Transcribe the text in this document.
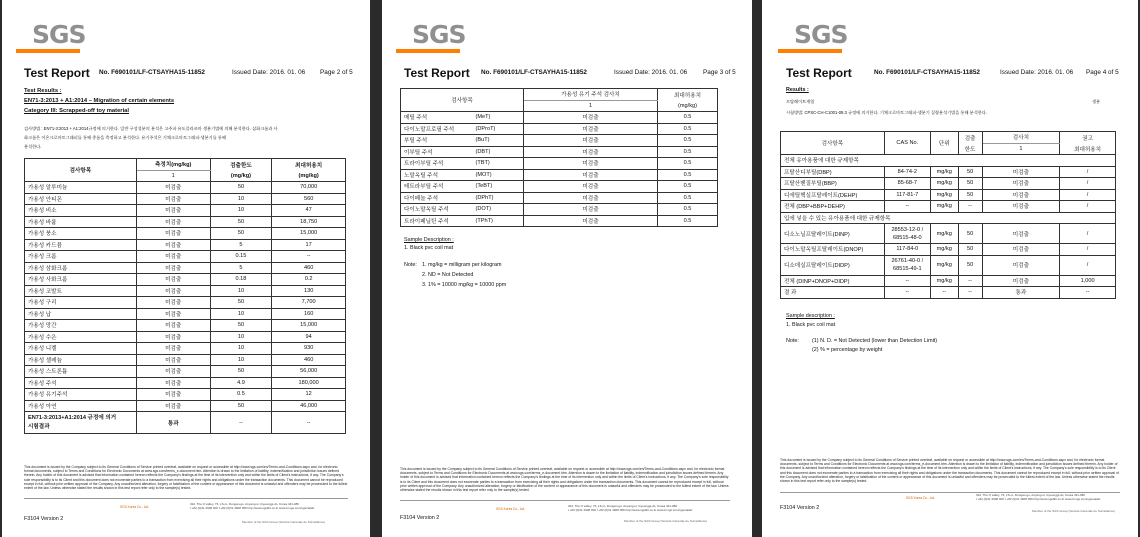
SGS
Test Report No. F690101/LF-CTSAYHA15-11852	Issued Date: 2016. 01. 06 Page 2 of 5
Test Results :
EN71-3:2013 + A1:2014 – Migration of certain elements
Category III: Scrapped-off toy material
검사방법 : EN71-3:2013 + A1:2014규정에 의거한다. 일반 구성성분의 분석은 고주파 유도플라즈마 생분기법에 의해 분석한다. 삼화크롬과 사
화크롬은 이온크로마토그래피를 통해 총롬을 측정하고 분석한다. 유기주석은 기체크로마토그래피-생분기를 통해
분석한다.
검사항목	측정치(mg/kg)	검출한도	최대허용치
	1	(mg/kg)	(mg/kg)
가용성 알루미늄	미검출	50	70,000
가용성 안티몬	미검출	10	560
가용성 비소	미검출	10	47
가용성 바륨	미검출	50	18,750
가용성 붕소	미검출	50	15,000
가용성 카드뮴	미검출	5	17
가용성 크롬	미검출	0.15	--
가용성 삼화크롬	미검출	5	460
가용성 사화크롬	미검출	0.18	0.2
가용성 코발트	미검출	10	130
가용성 구리	미검출	50	7,700
가용성 납	미검출	10	160
가용성 망간	미검출	50	15,000
가용성 수은	미검출	10	94
가용성 니켈	미검출	10	930
가용성 셀레늄	미검출	10	460
가용성 스트론튬	미검출	50	56,000
가용성 주석	미검출	4.9	180,000
가용성 유기주석	미검출	0.5	12
가용성 아연	미검출	50	46,000

EN71-3:2013+A1:2014 규정에 의거
시험결과	통과	--	--
This document is issued by the Company subject to its General Conditions of Service printed overleaf, available on request or accessible at http://www.sgs.com/en/Terms-and-Conditions.aspx and, for electronic format documents, subject to Terms and Conditions for Electronic Documents at www.sgs.com/terms_e-document.htm. Attention is drawn to the limitation of liability, indemnification and jurisdiction issues defined therein. Any holder of this document is advised that information contained hereon reflects the Company's findings at the time of its intervention only and within the limits of Client's instructions, if any. The Company's sole responsibility is to its Client and this document does not exonerate parties to a transaction from exercising all their rights and obligations under the transaction documents. This document cannot be reproduced except in full, without prior written approval of the Company. Any unauthorized alteration, forgery or falsification of the content or appearance of this document is unlawful and offenders may be prosecuted to the fullest extent of the law. Unless otherwise stated the results shown in this test report refer only to the sample(s) tested.
SGS Korea Co., Ltd.
322, The O valley, 76, LS-ro, Dongan-gu, Anyang-si, Gyeonggi-do, Korea 431-080
t +82 (0)31 4608 000 f +82 (0)31 4608 059 http://www.sgsbbl.co.kr www.kr.sgs.com/sgsmalab
F3104 Version 2	Member of the SGS Group (Société Générale de Surveillance)
SGS
Test Report No. F690101/LF-CTSAYHA15-11852	Issued Date: 2016. 01. 06 Page 3 of 5
검사항목		가용성 유기 주석 검사치	최대허용치
		1	(mg/kg)
메틸 주석	(MeT)	미검출	0.5
다이노말프로필 주석	(DProT)	미검출	0.5
부틸 주석	(BuT)	미검출	0.5
이부틸 주석	(DBT)	미검출	0.5
트라이부틸 주석	(TBT)	미검출	0.5
노말옥틸 주석	(MOT)	미검출	0.5
테트라부틸 주석	(TeBT)	미검출	0.5
다이페놀 주석	(DPhT)	미검출	0.5
다이노말옥틸 주석	(DOT)	미검출	0.5
트라이페닐틴 주석	(TPhT)	미검출	0.5
Sample Description :
1. Black pvc coil mat
Note: 1. mg/kg = milligram per kilogram
2. ND = Not Detected
3. 1% = 10000 mg/kg = 10000 ppm
This document is issued by the Company subject to its General Conditions of Service printed overleaf, available on request or accessible at http://www.sgs.com/en/Terms-and-Conditions.aspx and, for electronic format documents, subject to Terms and Conditions for Electronic Documents at www.sgs.com/terms_e-document.htm. Attention is drawn to the limitation of liability, indemnification and jurisdiction issues defined therein. Any holder of this document is advised that information contained hereon reflects the Company's findings at the time of its intervention only and within the limits of Client's instructions, if any. The Company's sole responsibility is to its Client and this document does not exonerate parties to a transaction from exercising all their rights and obligations under the transaction documents. This document cannot be reproduced except in full, without prior written approval of the Company. Any unauthorized alteration, forgery or falsification of the content or appearance of this document is unlawful and offenders may be prosecuted to the fullest extent of the law. Unless otherwise stated the results shown in this test report refer only to the sample(s) tested.
SGS Korea Co., Ltd.
322, The O valley, 76, LS-ro, Dongan-gu, Anyang-si, Gyeonggi-do, Korea 431-080
t +82 (0)31 4608 000 f +82 (0)31 4608 059 http://www.sgsbbl.co.kr www.kr.sgs.com/sgsmalab
F3104 Version 2	Member of the SGS Group (Société Générale de Surveillance)
SGS
Test Report	No. F690101/LF-CTSAYHA15-11852	Issued Date: 2016. 01. 06 Page 4 of 5
Results :
프탈레이트계열	생분
시험방법: CPSC-CH-C1001-09.3 규정에 의거한다. 기체크로마토그래피-생분기 질량분석기법을 통해 분석한다.
검사항목	CAS No.	단위	검출	검사치	권고
			한도	1	최대허용치
전체 유아용품에 대한 규제항목					
프탈산디부틸(DBP)	84-74-2	mg/kg	50	미검출	/
프탈산벤질부틸(BBP)	85-68-7	mg/kg	50	미검출	/
디에틸헥실프탈레이트(DEHP)	117-81-7	mg/kg	50	미검출	/
전체 (DBP+BBP+DEHP)	--	mg/kg	--	미검출	/
입에 넣을 수 있는 유아용품에 대한 규제항목					
디소노닐프탈레이트(DINP)	28553-12-0 /
68515-48-0	mg/kg	50	미검출	/
다이노말옥틸프탈레이트(DNOP)	117-84-0	mg/kg	50	미검출	/
디소데실프탈레이트(DIDP)	26761-40-0 /
68515-49-1	mg/kg	50	미검출	/
전체 (DINP+DNOP+DIDP)	--	mg/kg	--	미검출	1,000
결 과	--	--	--	통과	--
Sample description :
1. Black pvc coil mat
Note: (1) N. D. = Not Detected (lower than Detection Limit)
(2) % = percentage by weight
This document is issued by the Company subject to its General Conditions of Service printed overleaf, available on request or accessible at http://www.sgs.com/en/Terms-and-Conditions.aspx and, for electronic format documents, subject to Terms and Conditions for Electronic Documents at www.sgs.com/terms_e-document.htm. Attention is drawn to the limitation of liability, indemnification and jurisdiction issues defined therein. Any holder of this document is advised that information contained hereon reflects the Company's findings at the time of its intervention only and within the limits of Client's instructions, if any. The Company's sole responsibility is to its Client and this document does not exonerate parties to a transaction from exercising all their rights and obligations under the transaction documents. This document cannot be reproduced except in full, without prior written approval of the Company. Any unauthorized alteration, forgery or falsification of the content or appearance of this document is unlawful and offenders may be prosecuted to the fullest extent of the law. Unless otherwise stated the results shown in this test report refer only to the sample(s) tested.
SGS Korea Co., Ltd.
322, The O valley, 76, LS-ro, Dongan-gu, Anyang-si, Gyeonggi-do, Korea 431-080
t +82 (0)31 4608 000 f +82 (0)31 4608 059 http://www.sgsbbl.co.kr www.kr.sgs.com/sgsmalab
F3104 Version 2	Member of the SGS Group (Société Générale de Surveillance)
